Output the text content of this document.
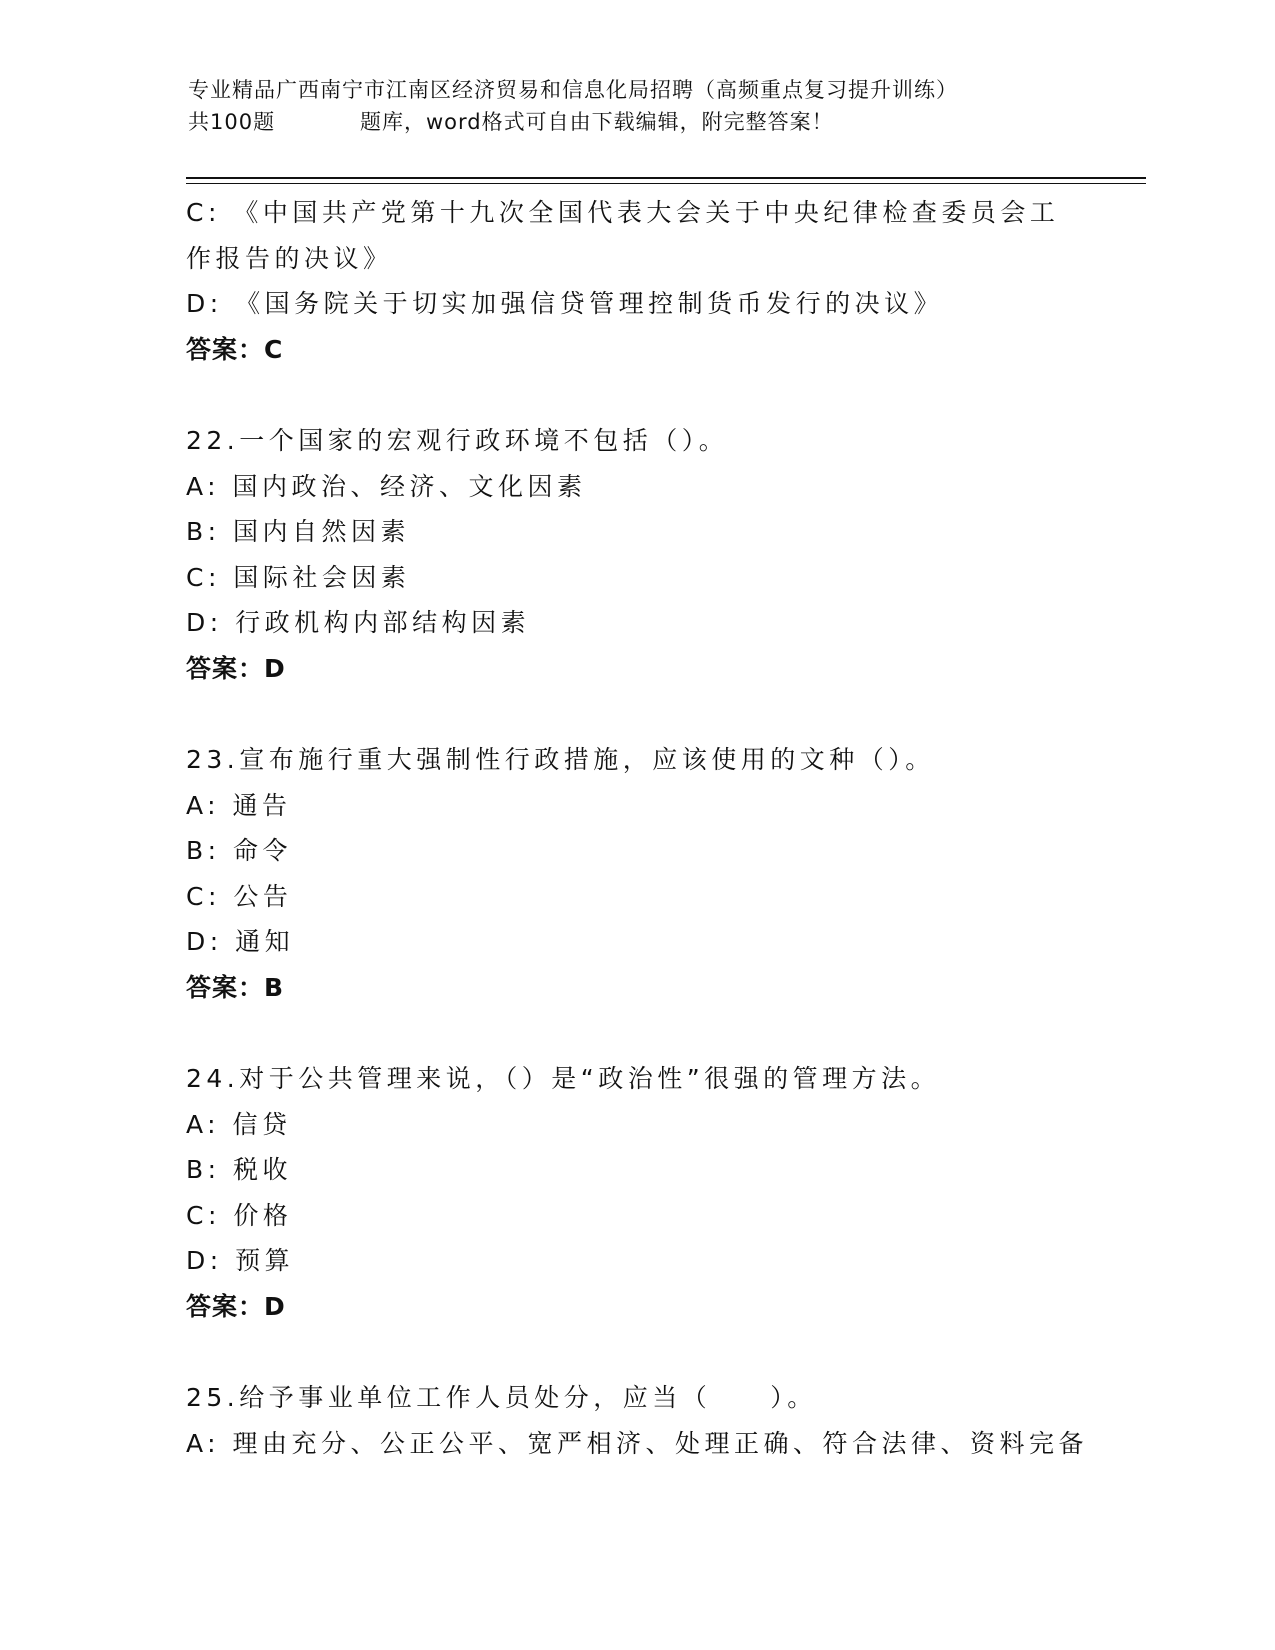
专业精品广西南宁市江南区经济贸易和信息化局招聘（高频重点复习提升训练）
共100题	题库，word格式可自由下载编辑，附完整答案！
C: 《中国共产党第十九次全国代表大会关于中央纪律检查委员会工作报告的决议》
D: 《国务院关于切实加强信贷管理控制货币发行的决议》
答案：C
22.一个国家的宏观行政环境不包括（）。
A: 国内政治、经济、文化因素
B: 国内自然因素
C: 国际社会因素
D: 行政机构内部结构因素
答案：D
23.宣布施行重大强制性行政措施，应该使用的文种（）。
A: 通告
B: 命令
C: 公告
D: 通知
答案：B
24.对于公共管理来说，（）是“政治性”很强的管理方法。
A: 信贷
B: 税收
C: 价格
D: 预算
答案：D
25.给予事业单位工作人员处分，应当（　　）。
A: 理由充分、公正公平、宽严相济、处理正确、符合法律、资料完备
